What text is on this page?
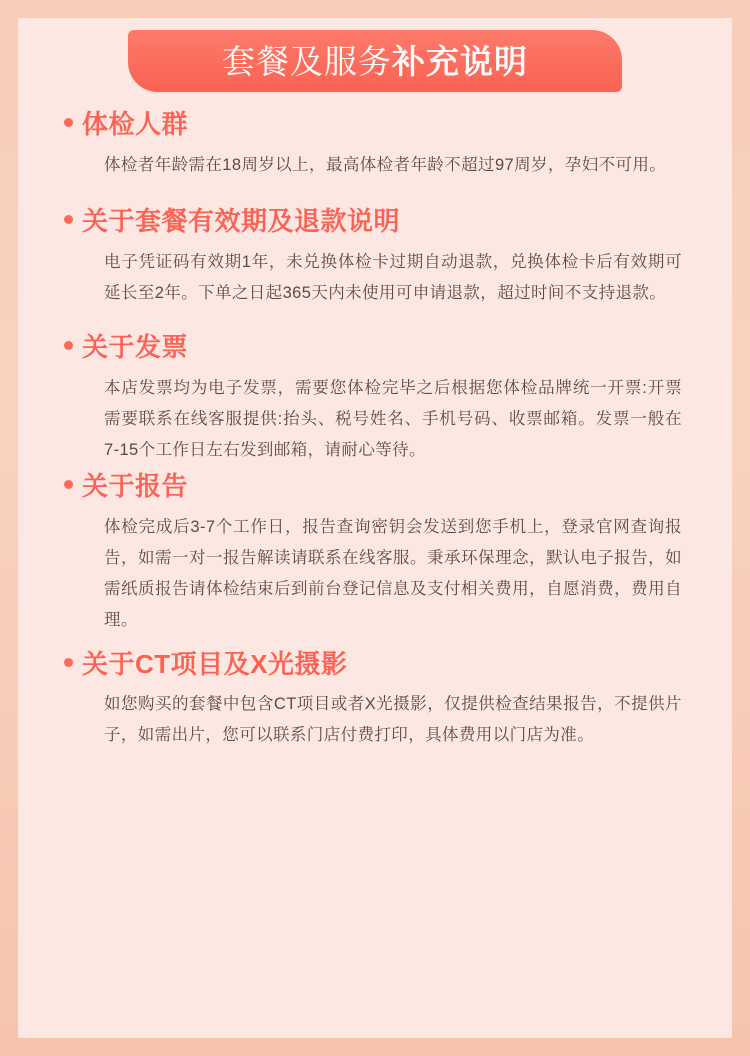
套餐及服务 补充说明
体检人群
体检者年龄需在18周岁以上，最高体检者年龄不超过97周岁，孕妇不可用。
关于套餐有效期及退款说明
电子凭证码有效期1年，未兑换体检卡过期自动退款，兑换体检卡后有效期可延长至2年。下单之日起365天内未使用可申请退款，超过时间不支持退款。
关于发票
本店发票均为电子发票，需要您体检完毕之后根据您体检品牌统一开票:开票需要联系在线客服提供:抬头、税号姓名、手机号码、收票邮箱。发票一般在7-15个工作日左右发到邮箱，请耐心等待。
关于报告
体检完成后3-7个工作日，报告查询密钥会发送到您手机上，登录官网查询报告，如需一对一报告解读请联系在线客服。秉承环保理念，默认电子报告，如需纸质报告请体检结束后到前台登记信息及支付相关费用，自愿消费，费用自理。
关于CT项目及X光摄影
如您购买的套餐中包含CT项目或者X光摄影，仅提供检查结果报告，不提供片子，如需出片，您可以联系门店付费打印，具体费用以门店为准。
